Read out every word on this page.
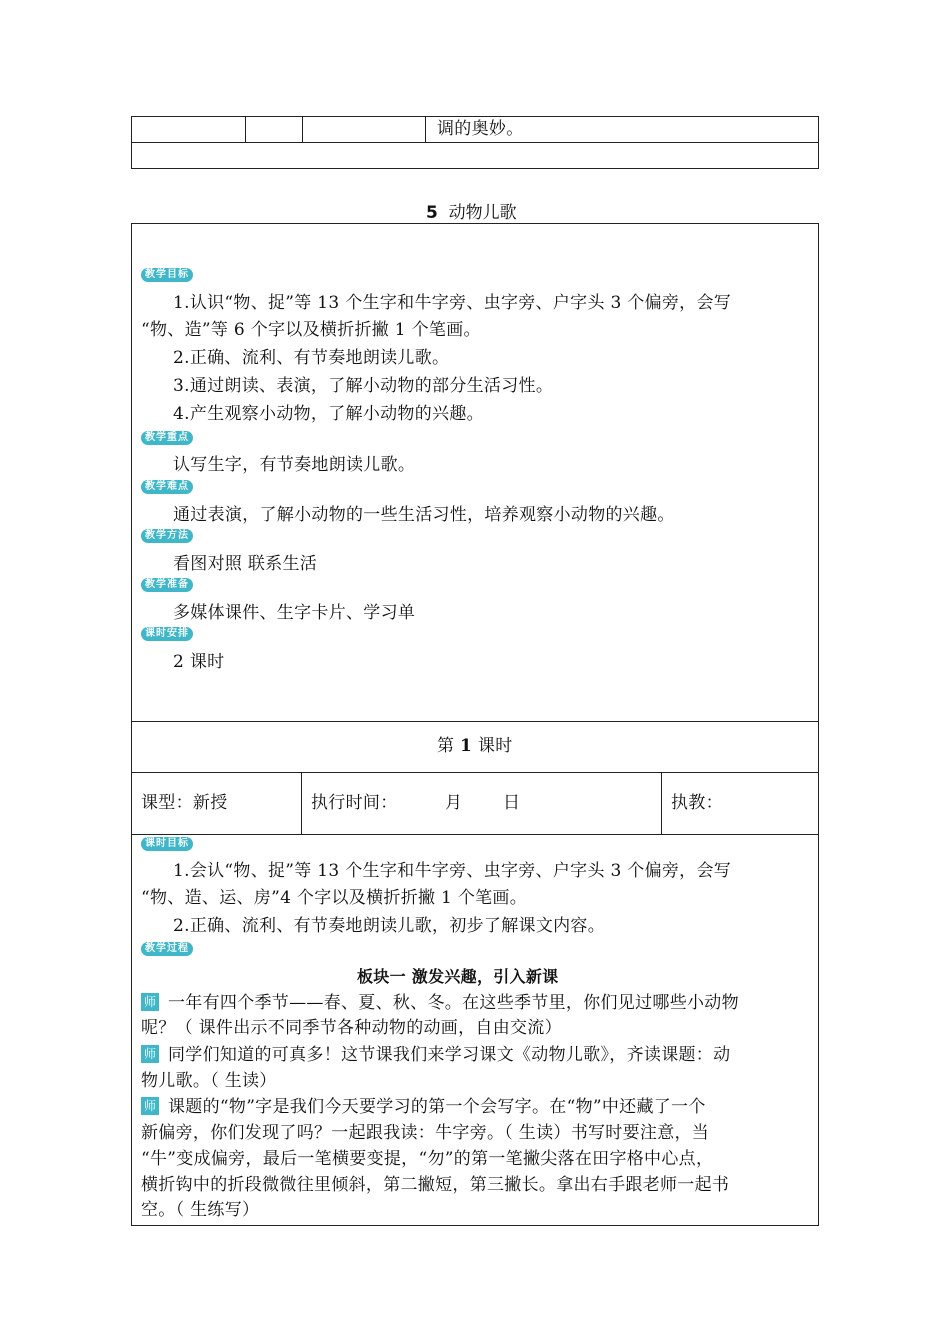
调的奥妙。
5 动物儿歌
教学目标
1.认识“物、捉”等 13 个生字和牛字旁、虫字旁、户字头 3 个偏旁，会写
“物、造”等 6 个字以及横折折撇 1 个笔画。
2.正确、流利、有节奏地朗读儿歌。
3.通过朗读、表演，了解小动物的部分生活习性。
4.产生观察小动物，了解小动物的兴趣。
教学重点
认写生字，有节奏地朗读儿歌。
教学难点
通过表演，了解小动物的一些生活习性，培养观察小动物的兴趣。
教学方法
看图对照 联系生活
教学准备
多媒体课件、生字卡片、学习单
课时安排
2 课时
第 1 课时
课型：新授	执行时间：	月 日	执教：
课时目标
1.会认“物、捉”等 13 个生字和牛字旁、虫字旁、户字头 3 个偏旁，会写
“物、造、运、房”4 个字以及横折折撇 1 个笔画。
2.正确、流利、有节奏地朗读儿歌，初步了解课文内容。
教学过程
板块一 激发兴趣，引入新课
师 一年有四个季节——春、夏、秋、冬。在这些季节里，你们见过哪些小动物
呢？（ 课件出示不同季节各种动物的动画，自由交流）
师 同学们知道的可真多！这节课我们来学习课文《动物儿歌》，齐读课题：动
物儿歌。（ 生读）
师 课题的“物”字是我们今天要学习的第一个会写字。在“物”中还藏了一个
新偏旁，你们发现了吗？一起跟我读：牛字旁。（ 生读）书写时要注意，当
“牛”变成偏旁，最后一笔横要变提，“勿”的第一笔撇尖落在田字格中心点，
横折钩中的折段微微往里倾斜，第二撇短，第三撇长。拿出右手跟老师一起书
空。（ 生练写）
